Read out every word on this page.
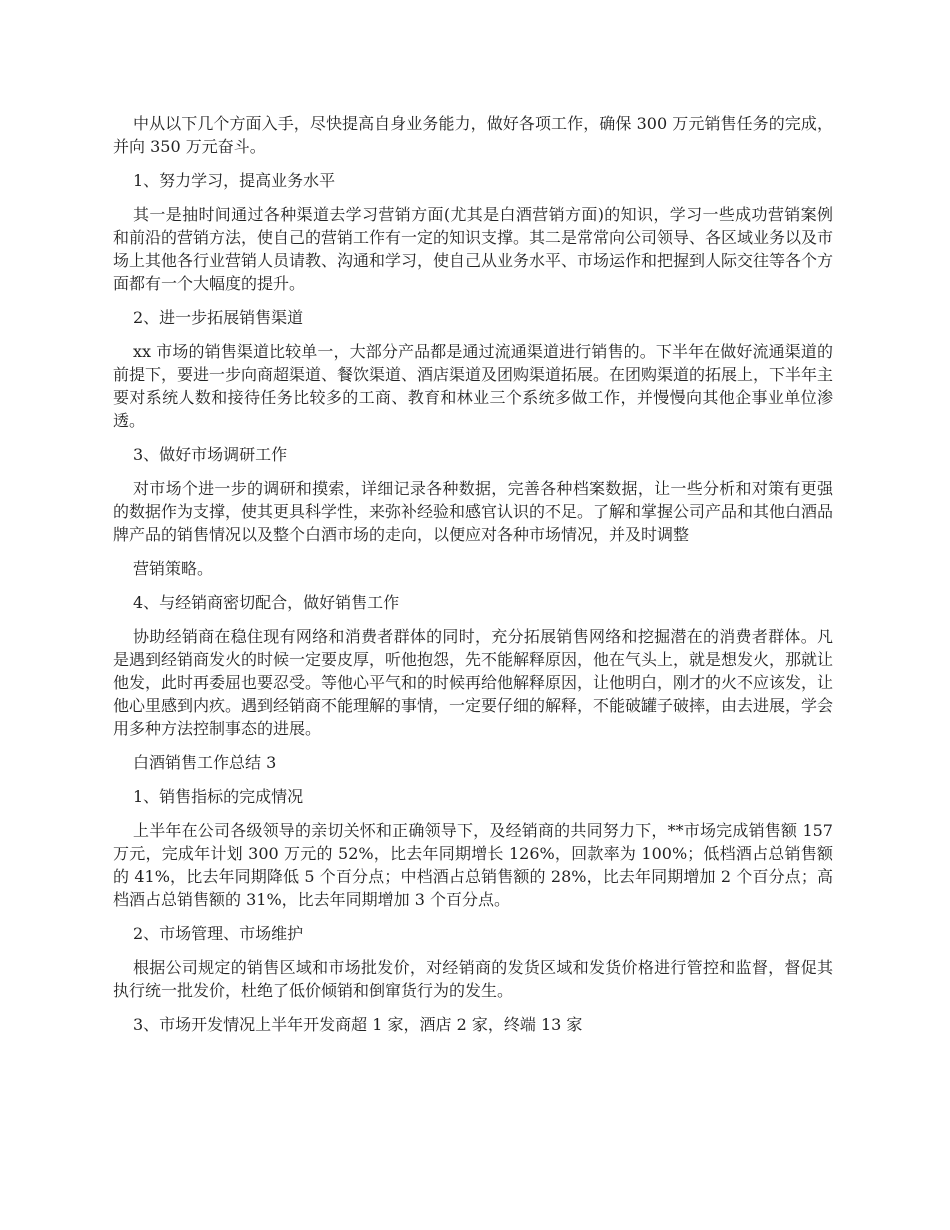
中从以下几个方面入手，尽快提高自身业务能力，做好各项工作，确保 300 万元销售任务的完成，并向 350 万元奋斗。

1、努力学习，提高业务水平

其一是抽时间通过各种渠道去学习营销方面(尤其是白酒营销方面)的知识，学习一些成功营销案例和前沿的营销方法，使自己的营销工作有一定的知识支撑。其二是常常向公司领导、各区域业务以及市场上其他各行业营销人员请教、沟通和学习，使自己从业务水平、市场运作和把握到人际交往等各个方面都有一个大幅度的提升。

2、进一步拓展销售渠道

xx 市场的销售渠道比较单一，大部分产品都是通过流通渠道进行销售的。下半年在做好流通渠道的前提下，要进一步向商超渠道、餐饮渠道、酒店渠道及团购渠道拓展。在团购渠道的拓展上，下半年主要对系统人数和接待任务比较多的工商、教育和林业三个系统多做工作，并慢慢向其他企事业单位渗透。

3、做好市场调研工作

对市场个进一步的调研和摸索，详细记录各种数据，完善各种档案数据，让一些分析和对策有更强的数据作为支撑，使其更具科学性，来弥补经验和感官认识的不足。了解和掌握公司产品和其他白酒品牌产品的销售情况以及整个白酒市场的走向，以便应对各种市场情况，并及时调整

营销策略。

4、与经销商密切配合，做好销售工作

协助经销商在稳住现有网络和消费者群体的同时，充分拓展销售网络和挖掘潜在的消费者群体。凡是遇到经销商发火的时候一定要皮厚，听他抱怨，先不能解释原因，他在气头上，就是想发火，那就让他发，此时再委屈也要忍受。等他心平气和的时候再给他解释原因，让他明白，刚才的火不应该发，让他心里感到内疚。遇到经销商不能理解的事情，一定要仔细的解释，不能破罐子破摔，由去进展，学会用多种方法控制事态的进展。

白酒销售工作总结 3

1、销售指标的完成情况

上半年在公司各级领导的亲切关怀和正确领导下，及经销商的共同努力下，**市场完成销售额 157 万元，完成年计划 300 万元的 52%，比去年同期增长 126%，回款率为 100%；低档酒占总销售额的 41%，比去年同期降低 5 个百分点；中档酒占总销售额的 28%，比去年同期增加 2 个百分点；高档酒占总销售额的 31%，比去年同期增加 3 个百分点。

2、市场管理、市场维护

根据公司规定的销售区域和市场批发价，对经销商的发货区域和发货价格进行管控和监督，督促其执行统一批发价，杜绝了低价倾销和倒窜货行为的发生。

3、市场开发情况上半年开发商超 1 家，酒店 2 家，终端 13 家
